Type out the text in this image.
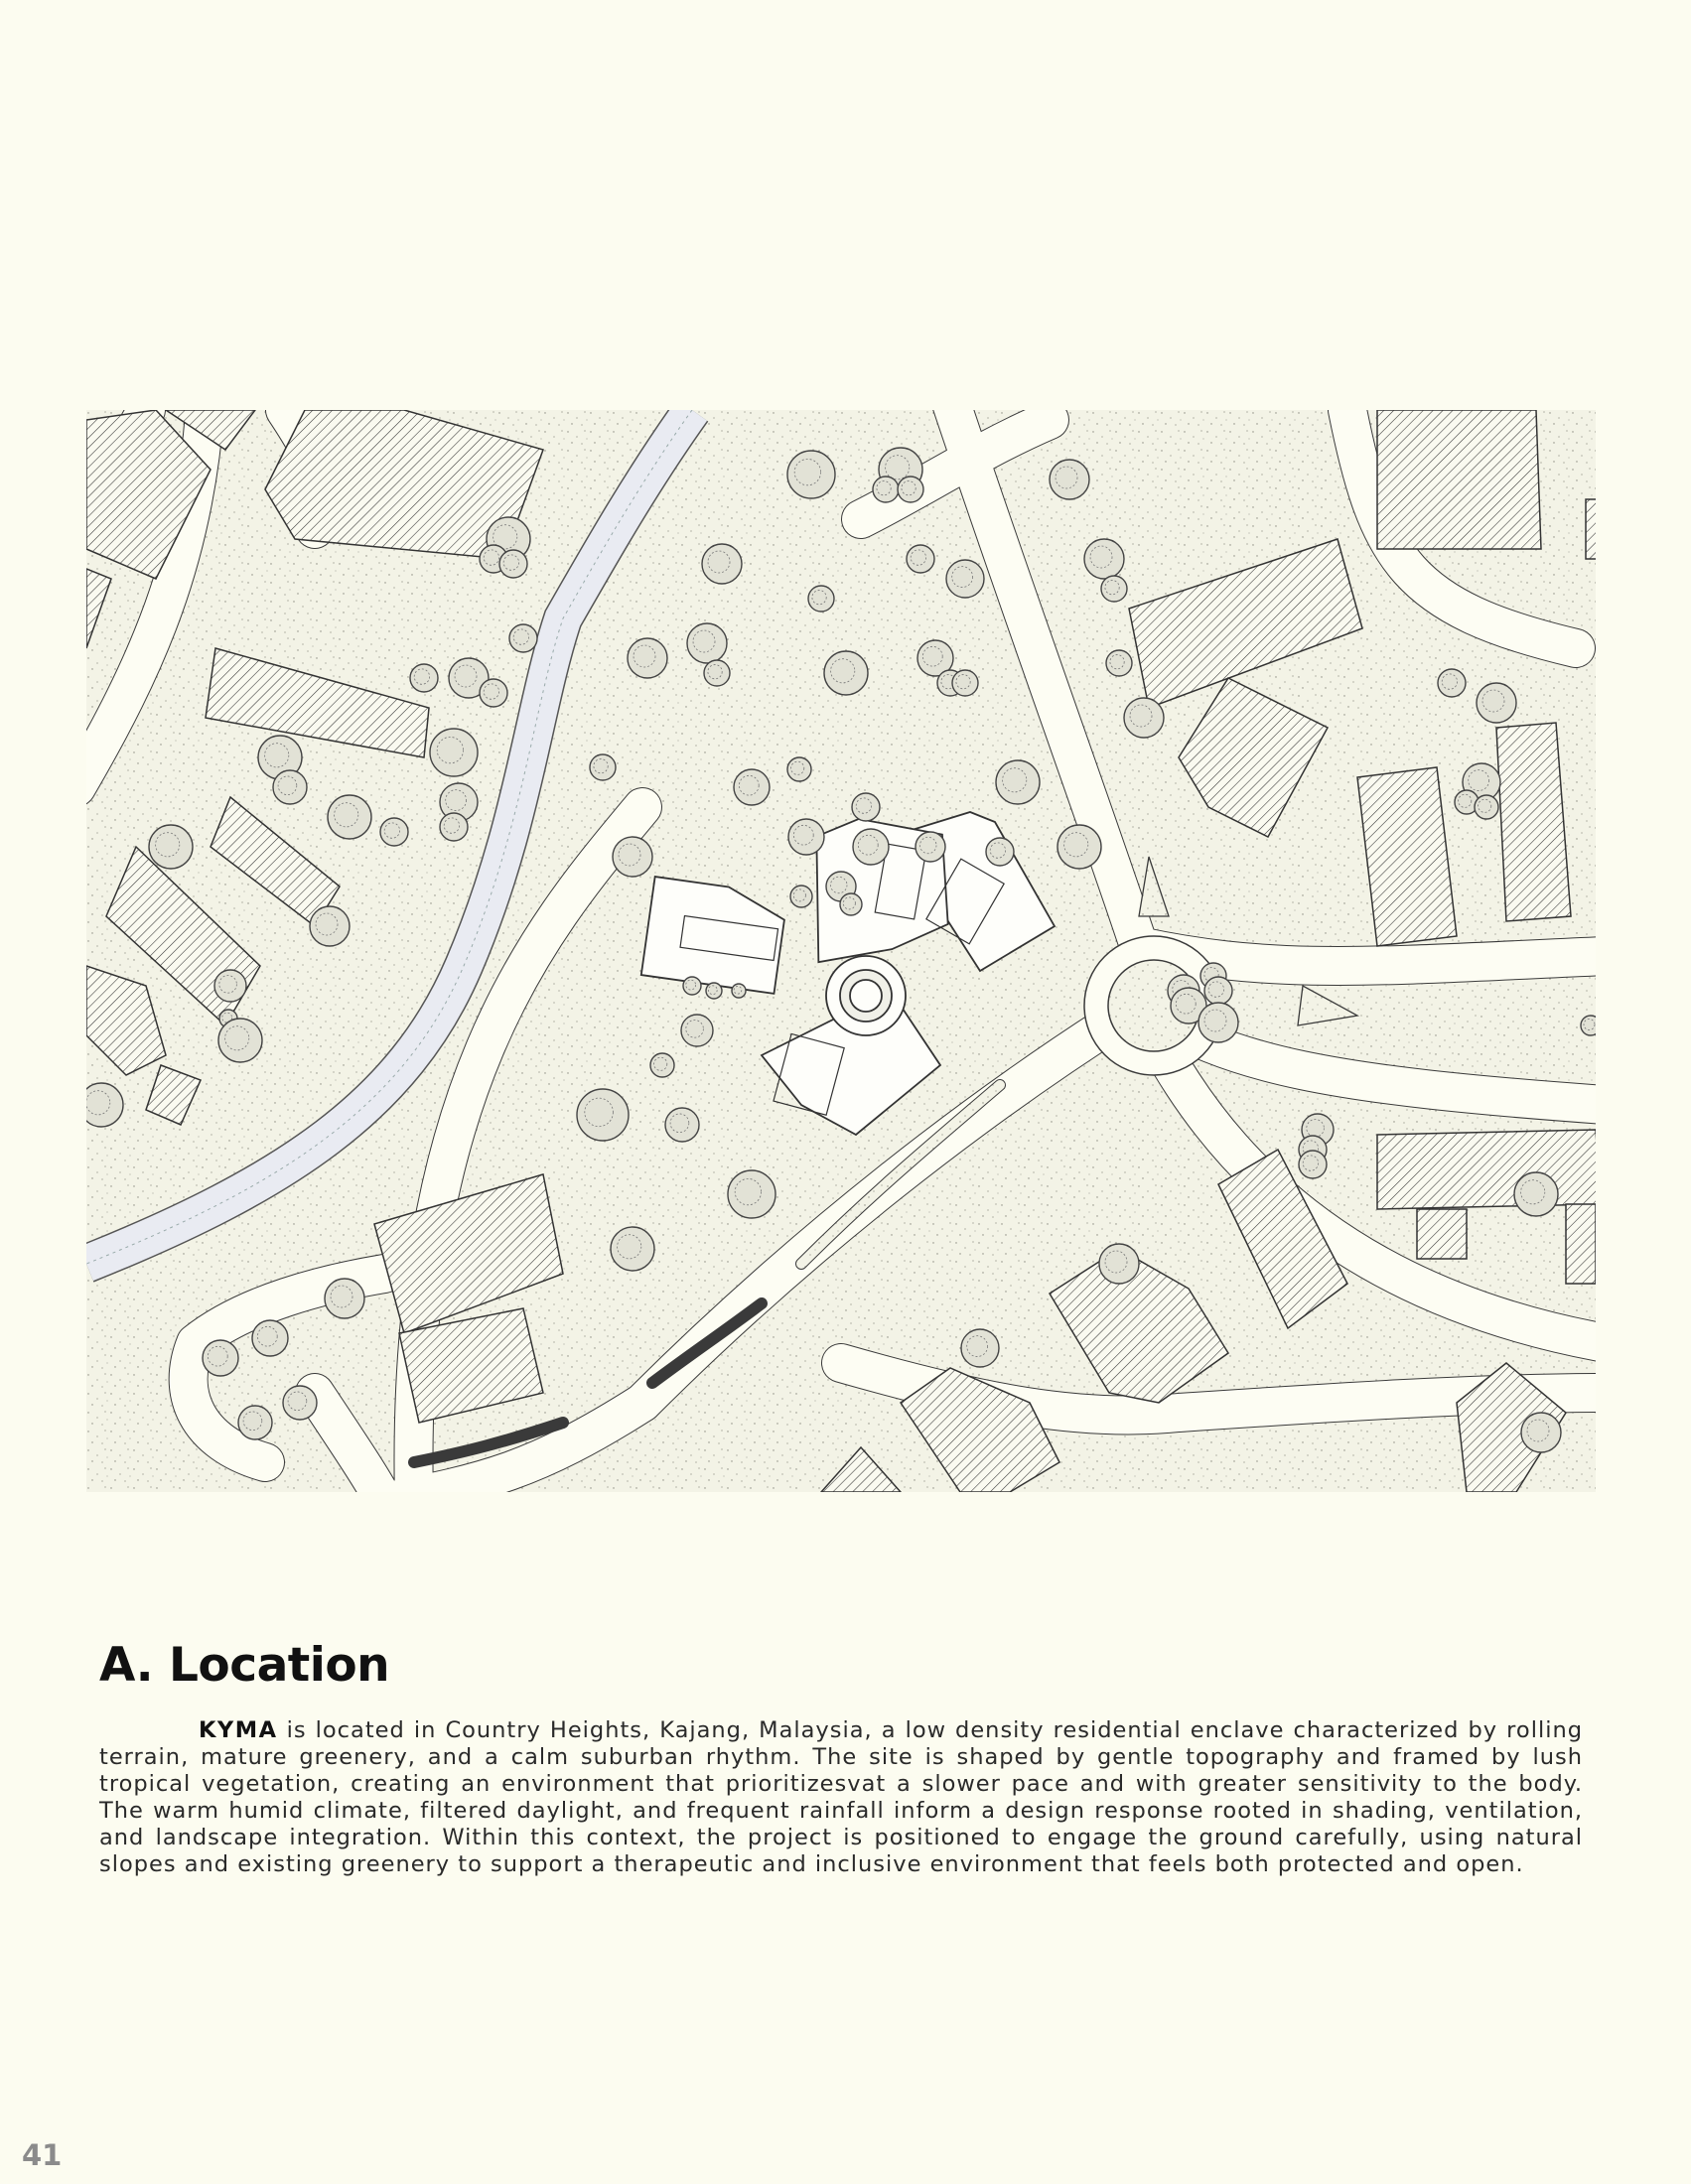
A. Location

KYMA is located in Country Heights, Kajang, Malaysia, a low density residential enclave characterized by rolling terrain, mature greenery, and a calm suburban rhythm. The site is shaped by gentle topography and framed by lush tropical vegetation, creating an environment that prioritizesvat a slower pace and with greater sensitivity to the body. The warm humid climate, filtered daylight, and frequent rainfall inform a design response rooted in shading, ventilation, and landscape integration. Within this context, the project is positioned to engage the ground carefully, using natural slopes and existing greenery to support a therapeutic and inclusive environment that feels both protected and open.

41
